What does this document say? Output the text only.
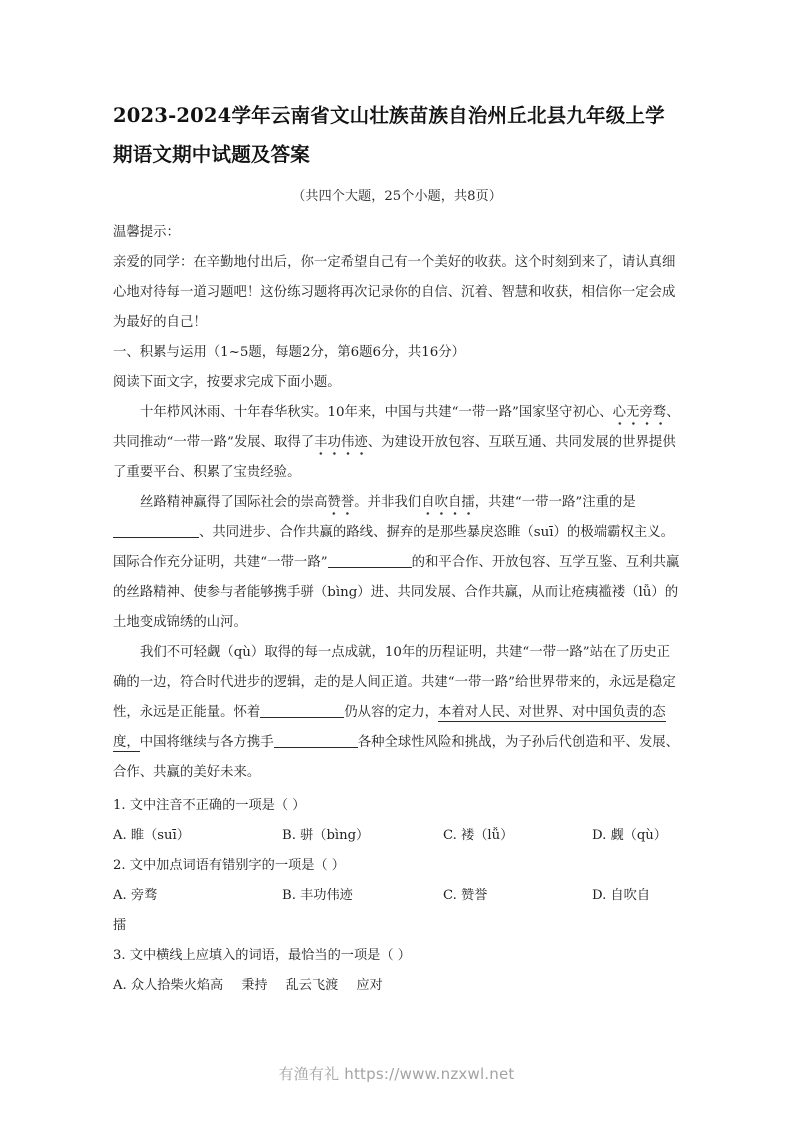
2023-2024学年云南省文山壮族苗族自治州丘北县九年级上学期语文期中试题及答案
（共四个大题，25个小题，共8页）

温馨提示：

亲爱的同学：在辛勤地付出后，你一定希望自己有一个美好的收获。这个时刻到来了，请认真细心地对待每一道习题吧！这份练习题将再次记录你的自信、沉着、智慧和收获，相信你一定会成为最好的自己！

一、积累与运用（1~5题，每题2分，第6题6分，共16分）

阅读下面文字，按要求完成下面小题。

十年栉风沐雨、十年春华秋实。10年来，中国与共建“一带一路”国家坚守初心、心无旁骛、共同推动“一带一路”发展、取得了丰功伟迹、为建设开放包容、互联互通、共同发展的世界提供了重要平台、积累了宝贵经验。

丝路精神赢得了国际社会的崇高赞誉。并非我们自吹自擂，共建“一带一路”注重的是、共同进步、合作共赢的路线、摒弃的是那些暴戾恣睢（suī）的极端霸权主义。国际合作充分证明，共建“一带一路”	的和平合作、开放包容、互学互鉴、互利共赢的丝路精神、使参与者能够携手骈（bìng）进、共同发展、合作共赢，从而让疮痍褴褛（lǚ）的土地变成锦绣的山河。

我们不可轻觑（qù）取得的每一点成就，10年的历程证明，共建“一带一路”站在了历史正确的一边，符合时代进步的逻辑，走的是人间正道。共建“一带一路”给世界带来的，永远是稳定性，永远是正能量。怀着	仍从容的定力，本着对人民、对世界、对中国负责的态度，中国将继续与各方携手	各种全球性风险和挑战，为子孙后代创造和平、发展、合作、共赢的美好未来。

1. 文中注音不正确的一项是（ ）

A. 睢（suī）	B. 骈（bìng）	C. 褛（lǚ）	D. 觑（qù）

2. 文中加点词语有错别字的一项是（ ）

A. 旁骛	B. 丰功伟迹	C. 赞誉	D. 自吹自

擂

3. 文中横线上应填入的词语，最恰当的一项是（ ）

A. 众人拾柴火焰高 秉持 乱云飞渡 应对

有渔有礼 https://www.nzxwl.net
